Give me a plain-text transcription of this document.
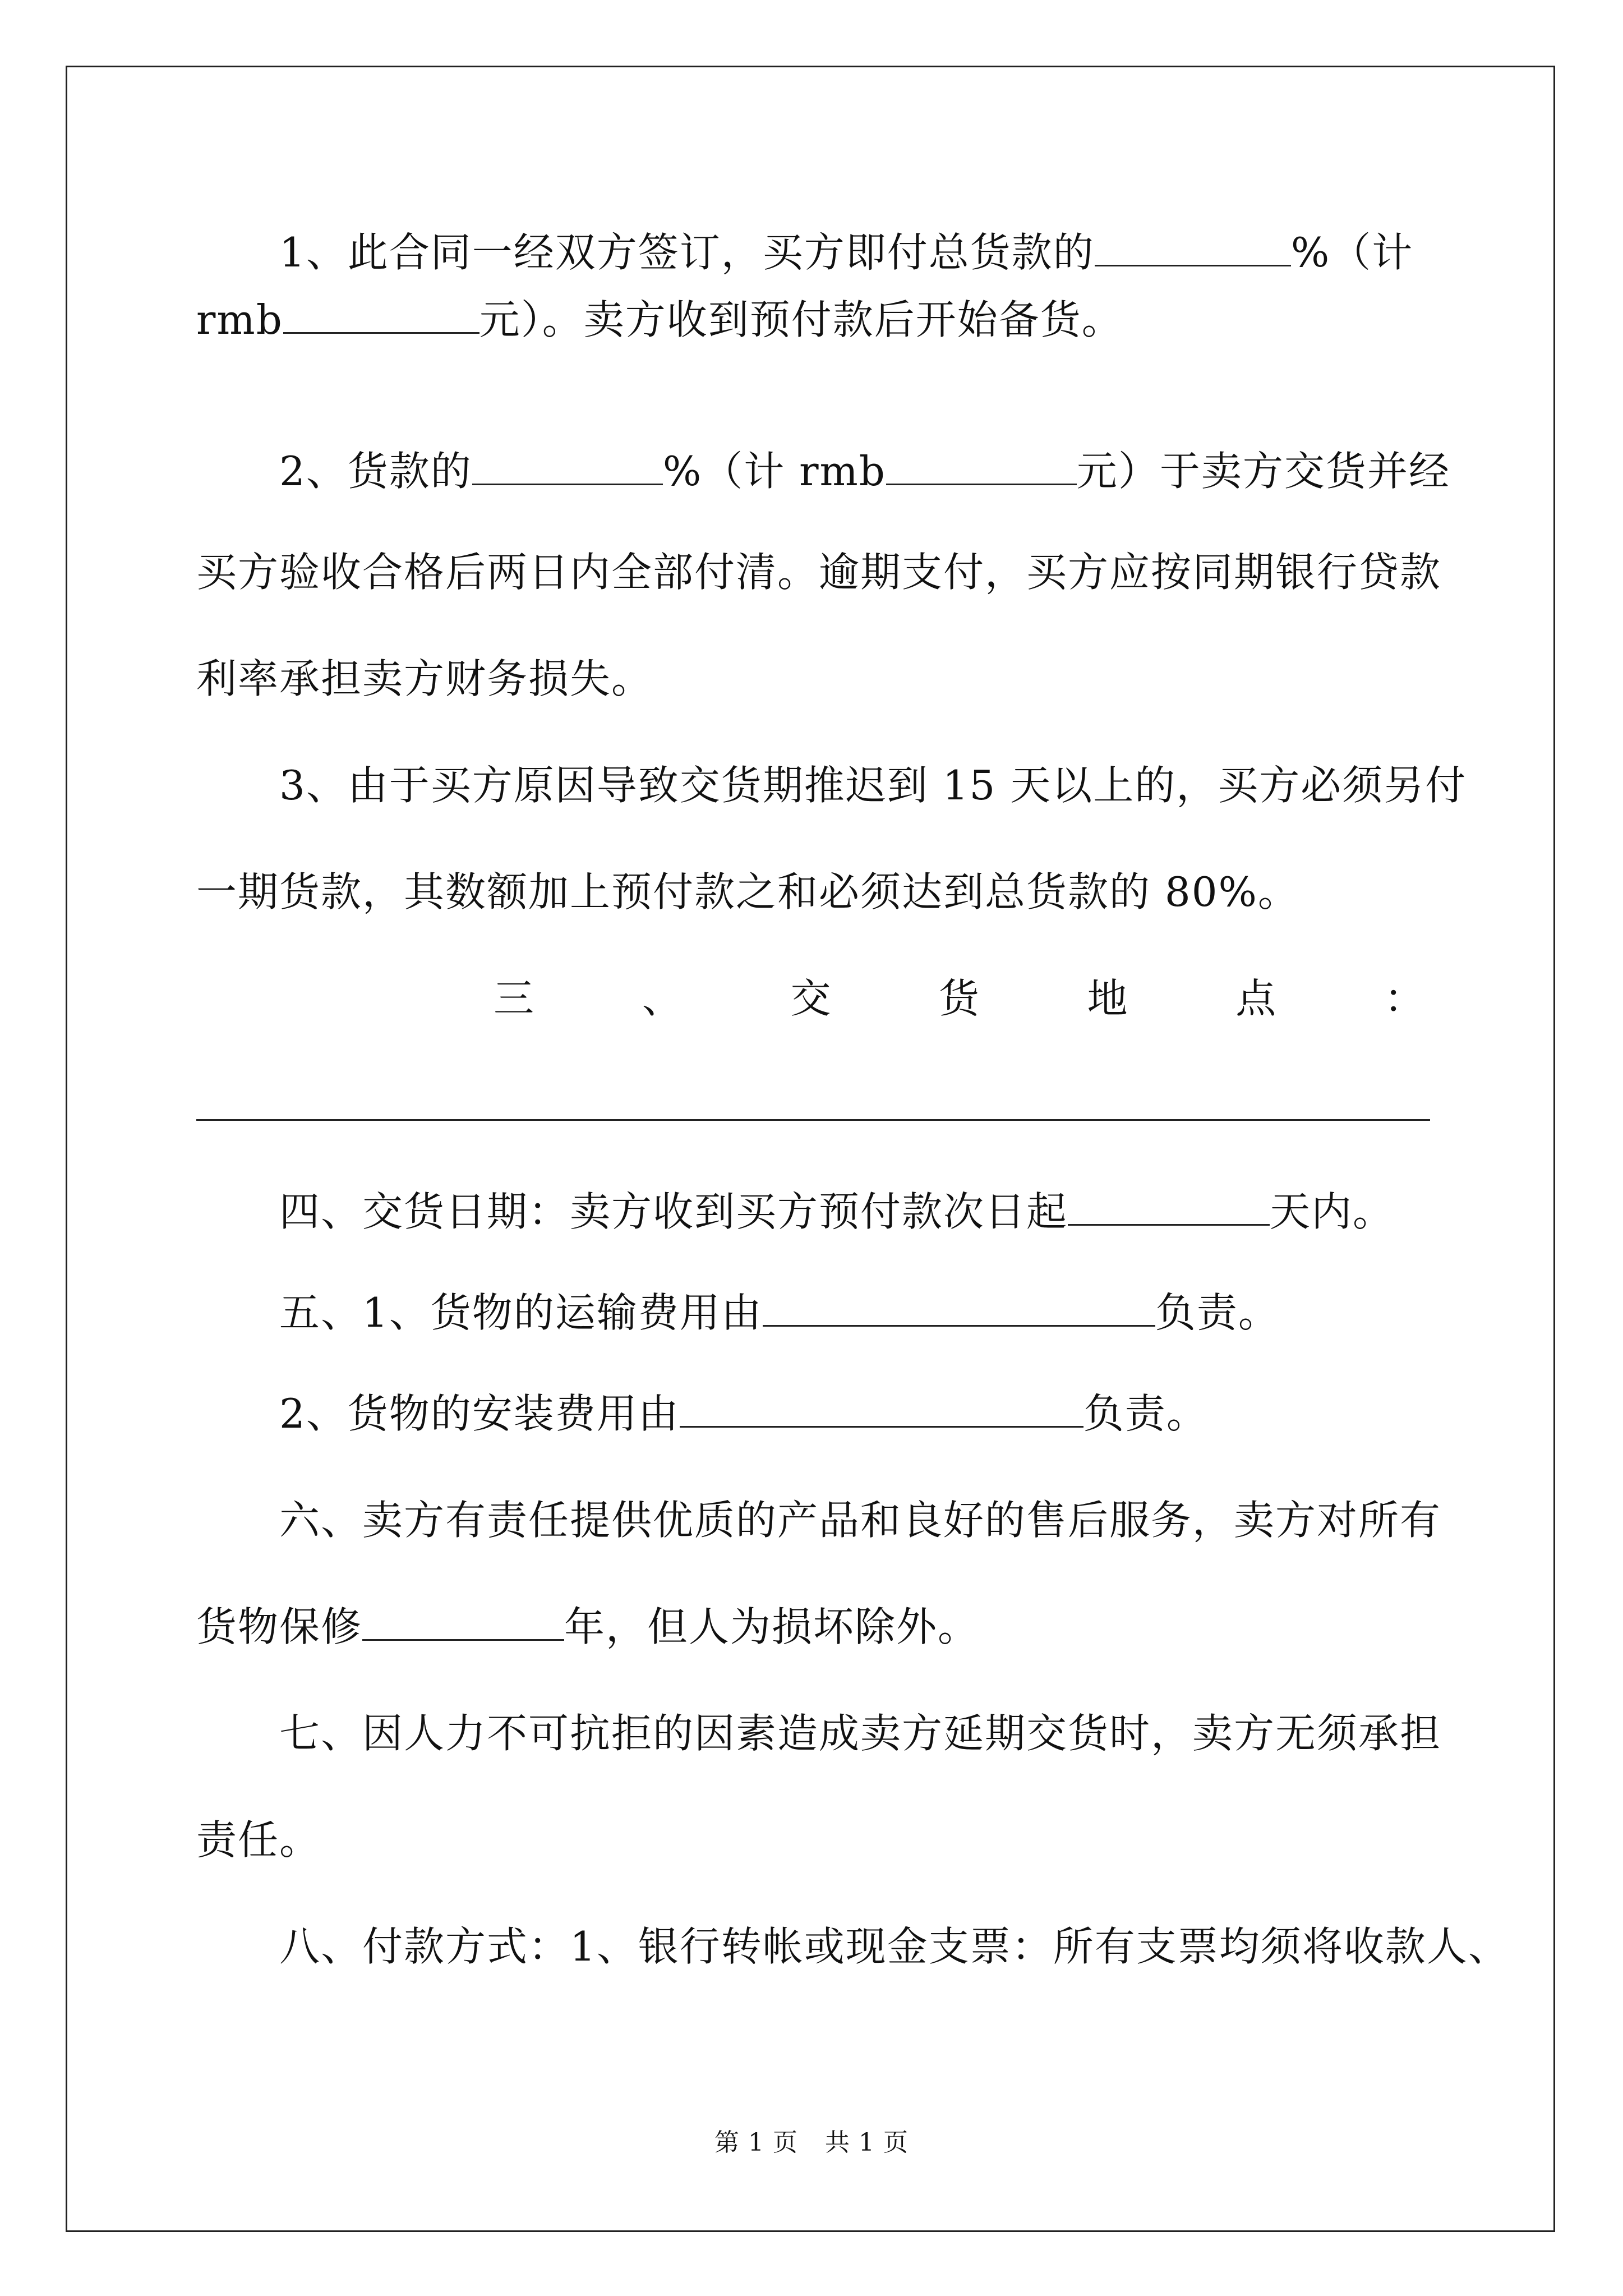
1、此合同一经双方签订，买方即付总货款的	%（计
rmb	元）。卖方收到预付款后开始备货。
2、货款的	%（计 rmb	元）于卖方交货并经
买方验收合格后两日内全部付清。逾期支付，买方应按同期银行贷款
利率承担卖方财务损失。
3、由于买方原因导致交货期推迟到 15 天以上的，买方必须另付
一期货款，其数额加上预付款之和必须达到总货款的 80%。
三	、	交	货	地	点	：
四、交货日期：卖方收到买方预付款次日起	天内。
五、1、货物的运输费用由	负责。
2、货物的安装费用由	负责。
六、卖方有责任提供优质的产品和良好的售后服务，卖方对所有
货物保修	年，但人为损坏除外。
七、因人力不可抗拒的因素造成卖方延期交货时，卖方无须承担
责任。
八、付款方式：1、银行转帐或现金支票：所有支票均须将收款人、
第 1 页 共 1 页
